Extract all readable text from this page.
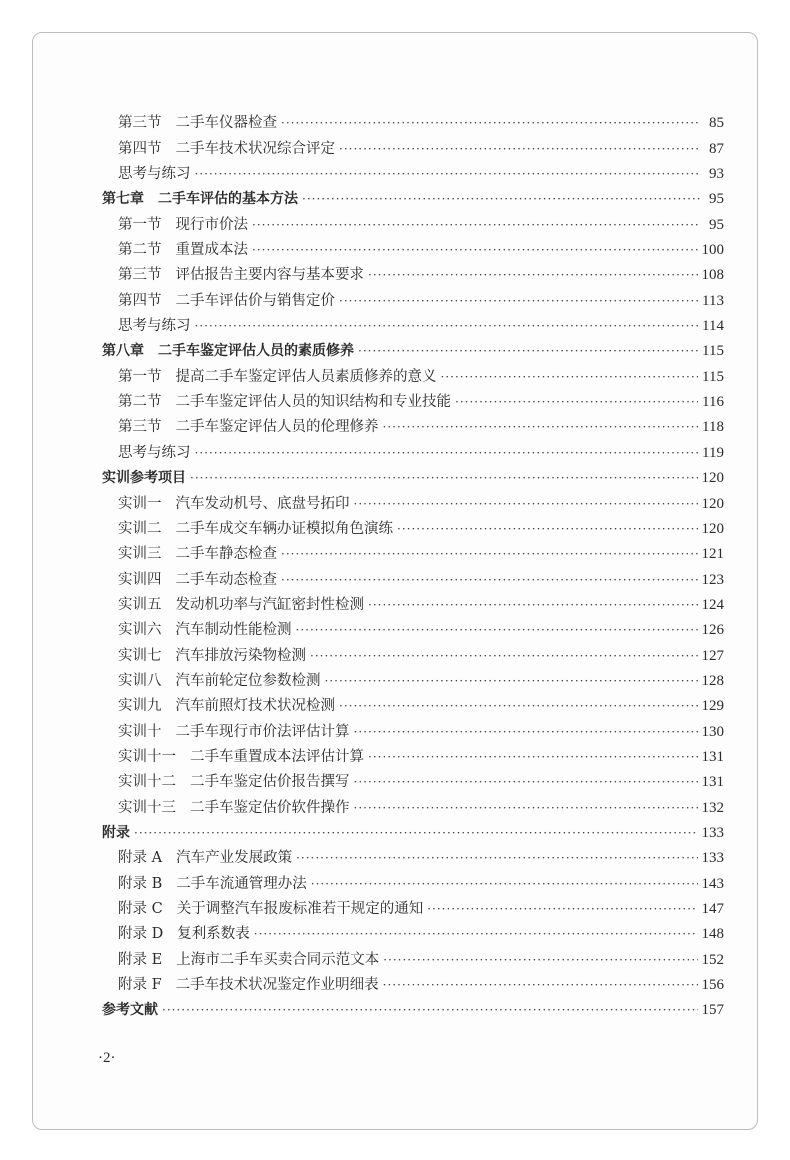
第三节 二手车仪器检查 ·····	85
第四节 二手车技术状况综合评定 ·····	87
思考与练习 ·····	93
第七章 二手车评估的基本方法 ·····	95
第一节 现行市价法 ·····	95
第二节 重置成本法 ·····	100
第三节 评估报告主要内容与基本要求 ·····	108
第四节 二手车评估价与销售定价 ·····	113
思考与练习 ·····	114
第八章 二手车鉴定评估人员的素质修养 ·····	115
第一节 提高二手车鉴定评估人员素质修养的意义 ·····	115
第二节 二手车鉴定评估人员的知识结构和专业技能 ·····	116
第三节 二手车鉴定评估人员的伦理修养 ·····	118
思考与练习 ·····	119
实训参考项目 ·····	120
实训一 汽车发动机号、底盘号拓印 ·····	120
实训二 二手车成交车辆办证模拟角色演练 ·····	120
实训三 二手车静态检查 ·····	121
实训四 二手车动态检查 ·····	123
实训五 发动机功率与汽缸密封性检测 ·····	124
实训六 汽车制动性能检测 ·····	126
实训七 汽车排放污染物检测 ·····	127
实训八 汽车前轮定位参数检测 ·····	128
实训九 汽车前照灯技术状况检测 ·····	129
实训十 二手车现行市价法评估计算 ·····	130
实训十一 二手车重置成本法评估计算 ·····	131
实训十二 二手车鉴定估价报告撰写 ·····	131
实训十三 二手车鉴定估价软件操作 ·····	132
附录 ·····	133
附录 A 汽车产业发展政策 ·····	133
附录 B 二手车流通管理办法 ·····	143
附录 C 关于调整汽车报废标准若干规定的通知 ·····	147
附录 D 复利系数表 ·····	148
附录 E 上海市二手车买卖合同示范文本 ·····	152
附录 F 二手车技术状况鉴定作业明细表 ·····	156
参考文献 ·····	157
·2·
